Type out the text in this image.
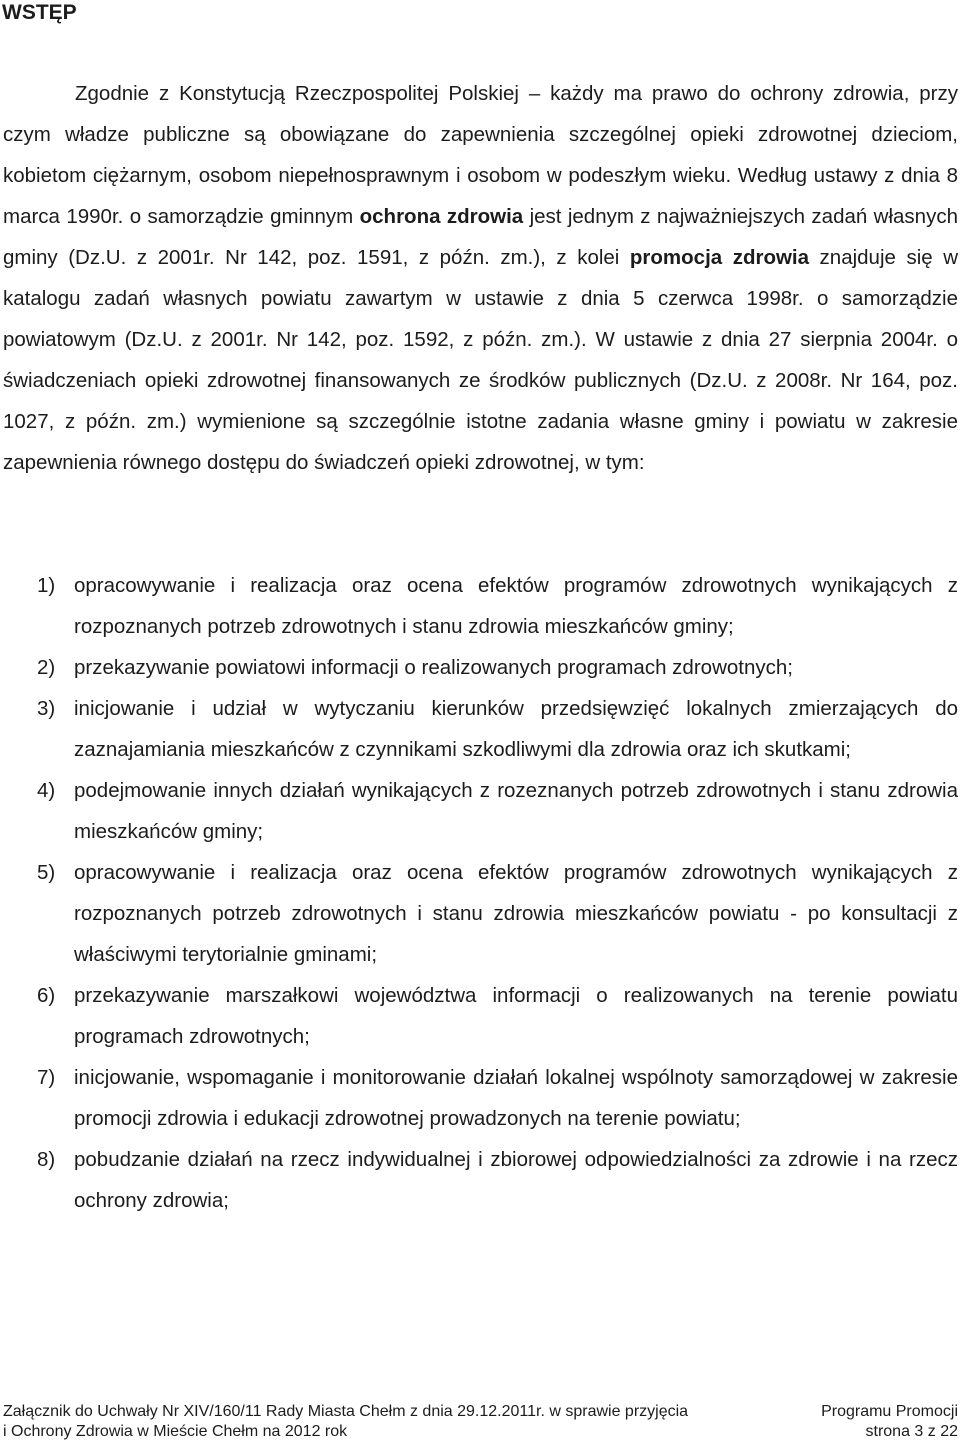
WSTĘP

Zgodnie z Konstytucją Rzeczpospolitej Polskiej – każdy ma prawo do ochrony zdrowia, przy czym władze publiczne są obowiązane do zapewnienia szczególnej opieki zdrowotnej dzieciom, kobietom ciężarnym, osobom niepełnosprawnym i osobom w podeszłym wieku. Według ustawy z dnia 8 marca 1990r. o samorządzie gminnym ochrona zdrowia jest jednym z najważniejszych zadań własnych gminy (Dz.U. z 2001r. Nr 142, poz. 1591, z późn. zm.), z kolei promocja zdrowia znajduje się w katalogu zadań własnych powiatu zawartym w ustawie z dnia 5 czerwca 1998r. o samorządzie powiatowym (Dz.U. z 2001r. Nr 142, poz. 1592, z późn. zm.). W ustawie z dnia 27 sierpnia 2004r. o świadczeniach opieki zdrowotnej finansowanych ze środków publicznych (Dz.U. z 2008r. Nr 164, poz. 1027, z późn. zm.) wymienione są szczególnie istotne zadania własne gminy i powiatu w zakresie zapewnienia równego dostępu do świadczeń opieki zdrowotnej, w tym:

1) opracowywanie i realizacja oraz ocena efektów programów zdrowotnych wynikających z rozpoznanych potrzeb zdrowotnych i stanu zdrowia mieszkańców gminy;
2) przekazywanie powiatowi informacji o realizowanych programach zdrowotnych;
3) inicjowanie i udział w wytyczaniu kierunków przedsięwzięć lokalnych zmierzających do zaznajamiania mieszkańców z czynnikami szkodliwymi dla zdrowia oraz ich skutkami;
4) podejmowanie innych działań wynikających z rozeznanych potrzeb zdrowotnych i stanu zdrowia mieszkańców gminy;
5) opracowywanie i realizacja oraz ocena efektów programów zdrowotnych wynikających z rozpoznanych potrzeb zdrowotnych i stanu zdrowia mieszkańców powiatu - po konsultacji z właściwymi terytorialnie gminami;
6) przekazywanie marszałkowi województwa informacji o realizowanych na terenie powiatu programach zdrowotnych;
7) inicjowanie, wspomaganie i monitorowanie działań lokalnej wspólnoty samorządowej w zakresie promocji zdrowia i edukacji zdrowotnej prowadzonych na terenie powiatu;
8) pobudzanie działań na rzecz indywidualnej i zbiorowej odpowiedzialności za zdrowie i na rzecz ochrony zdrowia;
Załącznik do Uchwały Nr XIV/160/11 Rady Miasta Chełm z dnia 29.12.2011r. w sprawie przyjęcia	Programu Promocji
i Ochrony Zdrowia w Mieście Chełm na 2012 rok	strona 3 z 22
